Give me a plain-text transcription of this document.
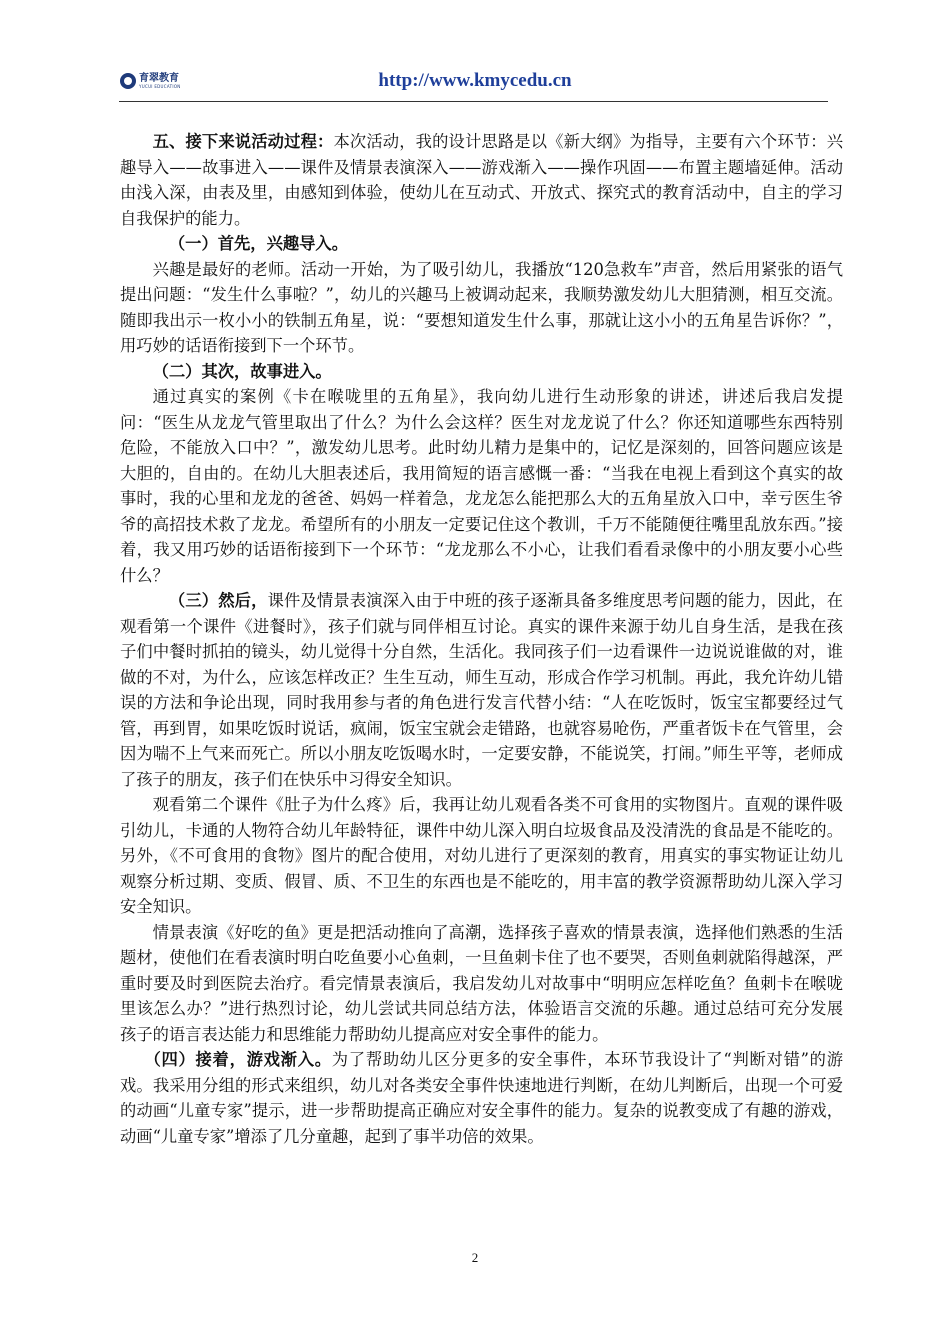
育翠教育
YUCUI EDUCATION	http://www.kmycedu.cn

五、接下来说活动过程：本次活动，我的设计思路是以《新大纲》为指导，主要有六个环节：兴趣导入——故事进入——课件及情景表演深入——游戏渐入——操作巩固——布置主题墙延伸。活动由浅入深，由表及里，由感知到体验，使幼儿在互动式、开放式、探究式的教育活动中，自主的学习自我保护的能力。

（一）首先，兴趣导入。

兴趣是最好的老师。活动一开始，为了吸引幼儿，我播放“120急救车”声音，然后用紧张的语气提出问题：“发生什么事啦？”，幼儿的兴趣马上被调动起来，我顺势激发幼儿大胆猜测，相互交流。随即我出示一枚小小的铁制五角星，说：“要想知道发生什么事，那就让这小小的五角星告诉你？”，用巧妙的话语衔接到下一个环节。

（二）其次，故事进入。

通过真实的案例《卡在喉咙里的五角星》，我向幼儿进行生动形象的讲述，讲述后我启发提问：“医生从龙龙气管里取出了什么？为什么会这样？医生对龙龙说了什么？你还知道哪些东西特别危险，不能放入口中？”，激发幼儿思考。此时幼儿精力是集中的，记忆是深刻的，回答问题应该是大胆的，自由的。在幼儿大胆表述后，我用简短的语言感慨一番：“当我在电视上看到这个真实的故事时，我的心里和龙龙的爸爸、妈妈一样着急，龙龙怎么能把那么大的五角星放入口中，幸亏医生爷爷的高招技术救了龙龙。希望所有的小朋友一定要记住这个教训，千万不能随便往嘴里乱放东西。”接着，我又用巧妙的话语衔接到下一个环节：“龙龙那么不小心，让我们看看录像中的小朋友要小心些什么？

（三）然后，课件及情景表演深入由于中班的孩子逐渐具备多维度思考问题的能力，因此，在观看第一个课件《进餐时》，孩子们就与同伴相互讨论。真实的课件来源于幼儿自身生活，是我在孩子们中餐时抓拍的镜头，幼儿觉得十分自然，生活化。我同孩子们一边看课件一边说说谁做的对，谁做的不对，为什么，应该怎样改正？生生互动，师生互动，形成合作学习机制。再此，我允许幼儿错误的方法和争论出现，同时我用参与者的角色进行发言代替小结：“人在吃饭时，饭宝宝都要经过气管，再到胃，如果吃饭时说话，疯闹，饭宝宝就会走错路，也就容易呛伤，严重者饭卡在气管里，会因为喘不上气来而死亡。所以小朋友吃饭喝水时，一定要安静，不能说笑，打闹。”师生平等，老师成了孩子的朋友，孩子们在快乐中习得安全知识。

观看第二个课件《肚子为什么疼》后，我再让幼儿观看各类不可食用的实物图片。直观的课件吸引幼儿，卡通的人物符合幼儿年龄特征，课件中幼儿深入明白垃圾食品及没清洗的食品是不能吃的。另外，《不可食用的食物》图片的配合使用，对幼儿进行了更深刻的教育，用真实的事实物证让幼儿观察分析过期、变质、假冒、质、不卫生的东西也是不能吃的，用丰富的教学资源帮助幼儿深入学习安全知识。

情景表演《好吃的鱼》更是把活动推向了高潮，选择孩子喜欢的情景表演，选择他们熟悉的生活题材，使他们在看表演时明白吃鱼要小心鱼刺，一旦鱼刺卡住了也不要哭，否则鱼刺就陷得越深，严重时要及时到医院去治疗。看完情景表演后，我启发幼儿对故事中“明明应怎样吃鱼？鱼刺卡在喉咙里该怎么办？”进行热烈讨论，幼儿尝试共同总结方法，体验语言交流的乐趣。通过总结可充分发展孩子的语言表达能力和思维能力帮助幼儿提高应对安全事件的能力。

（四）接着，游戏渐入。为了帮助幼儿区分更多的安全事件，本环节我设计了“判断对错”的游戏。我采用分组的形式来组织，幼儿对各类安全事件快速地进行判断，在幼儿判断后，出现一个可爱的动画“儿童专家”提示，进一步帮助提高正确应对安全事件的能力。复杂的说教变成了有趣的游戏，动画“儿童专家”增添了几分童趣，起到了事半功倍的效果。

2
